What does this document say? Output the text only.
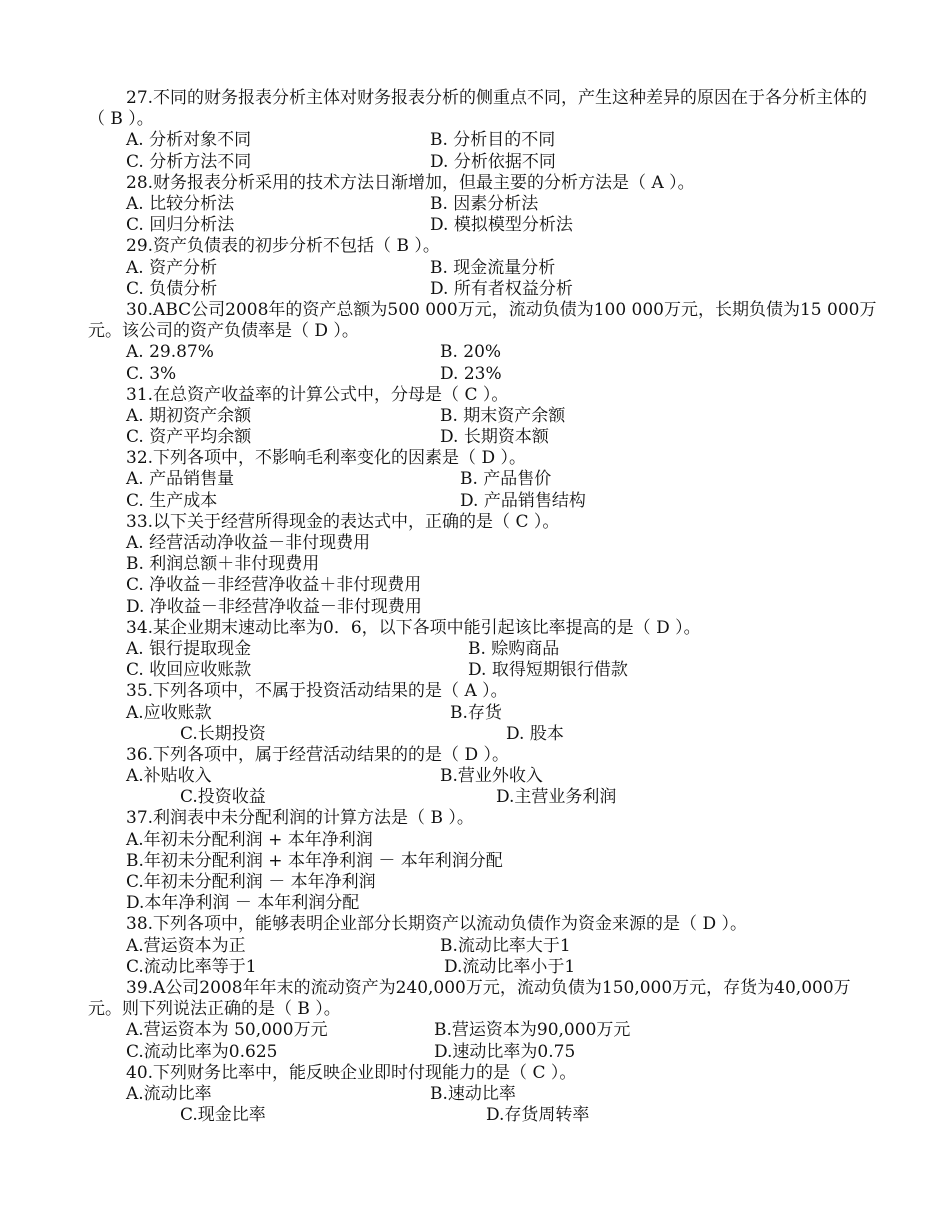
27.不同的财务报表分析主体对财务报表分析的侧重点不同，产生这种差异的原因在于各分析主体的（ B ）。
A. 分析对象不同	B. 分析目的不同
C. 分析方法不同	D. 分析依据不同
28.财务报表分析采用的技术方法日渐增加，但最主要的分析方法是（ A ）。
A. 比较分析法	B. 因素分析法
C. 回归分析法	D. 模拟模型分析法
29.资产负债表的初步分析不包括（ B ）。
A. 资产分析	B. 现金流量分析
C. 负债分析	D. 所有者权益分析
30.ABC公司2008年的资产总额为500 000万元，流动负债为100 000万元，长期负债为15 000万元。该公司的资产负债率是（ D ）。
A. 29.87%	B. 20%
C. 3%	D. 23%
31.在总资产收益率的计算公式中，分母是（ C ）。
A. 期初资产余额	B. 期末资产余额
C. 资产平均余额	D. 长期资本额
32.下列各项中，不影响毛利率变化的因素是（ D ）。
A. 产品销售量	B. 产品售价
C. 生产成本	D. 产品销售结构
33.以下关于经营所得现金的表达式中，正确的是（ C ）。
A. 经营活动净收益－非付现费用
B. 利润总额＋非付现费用
C. 净收益－非经营净收益＋非付现费用
D. 净收益－非经营净收益－非付现费用
34.某企业期末速动比率为0．6，以下各项中能引起该比率提高的是（ D ）。
A. 银行提取现金	B. 赊购商品
C. 收回应收账款	D. 取得短期银行借款
35.下列各项中，不属于投资活动结果的是（ A ）。
A.应收账款	B.存货
C.长期投资	D. 股本
36.下列各项中，属于经营活动结果的的是（ D ）。
A.补贴收入	B.营业外收入
C.投资收益	D.主营业务利润
37.利润表中未分配利润的计算方法是（ B ）。
A.年初未分配利润 + 本年净利润
B.年初未分配利润 + 本年净利润 － 本年利润分配
C.年初未分配利润 － 本年净利润
D.本年净利润 － 本年利润分配
38.下列各项中，能够表明企业部分长期资产以流动负债作为资金来源的是（ D ）。
A.营运资本为正	B.流动比率大于1
C.流动比率等于1	D.流动比率小于1
39.A公司2008年年末的流动资产为240,000万元，流动负债为150,000万元，存货为40,000万元。则下列说法正确的是（ B ）。
A.营运资本为 50,000万元	B.营运资本为90,000万元
C.流动比率为0.625	D.速动比率为0.75
40.下列财务比率中，能反映企业即时付现能力的是（ C ）。
A.流动比率	B.速动比率
C.现金比率	D.存货周转率
